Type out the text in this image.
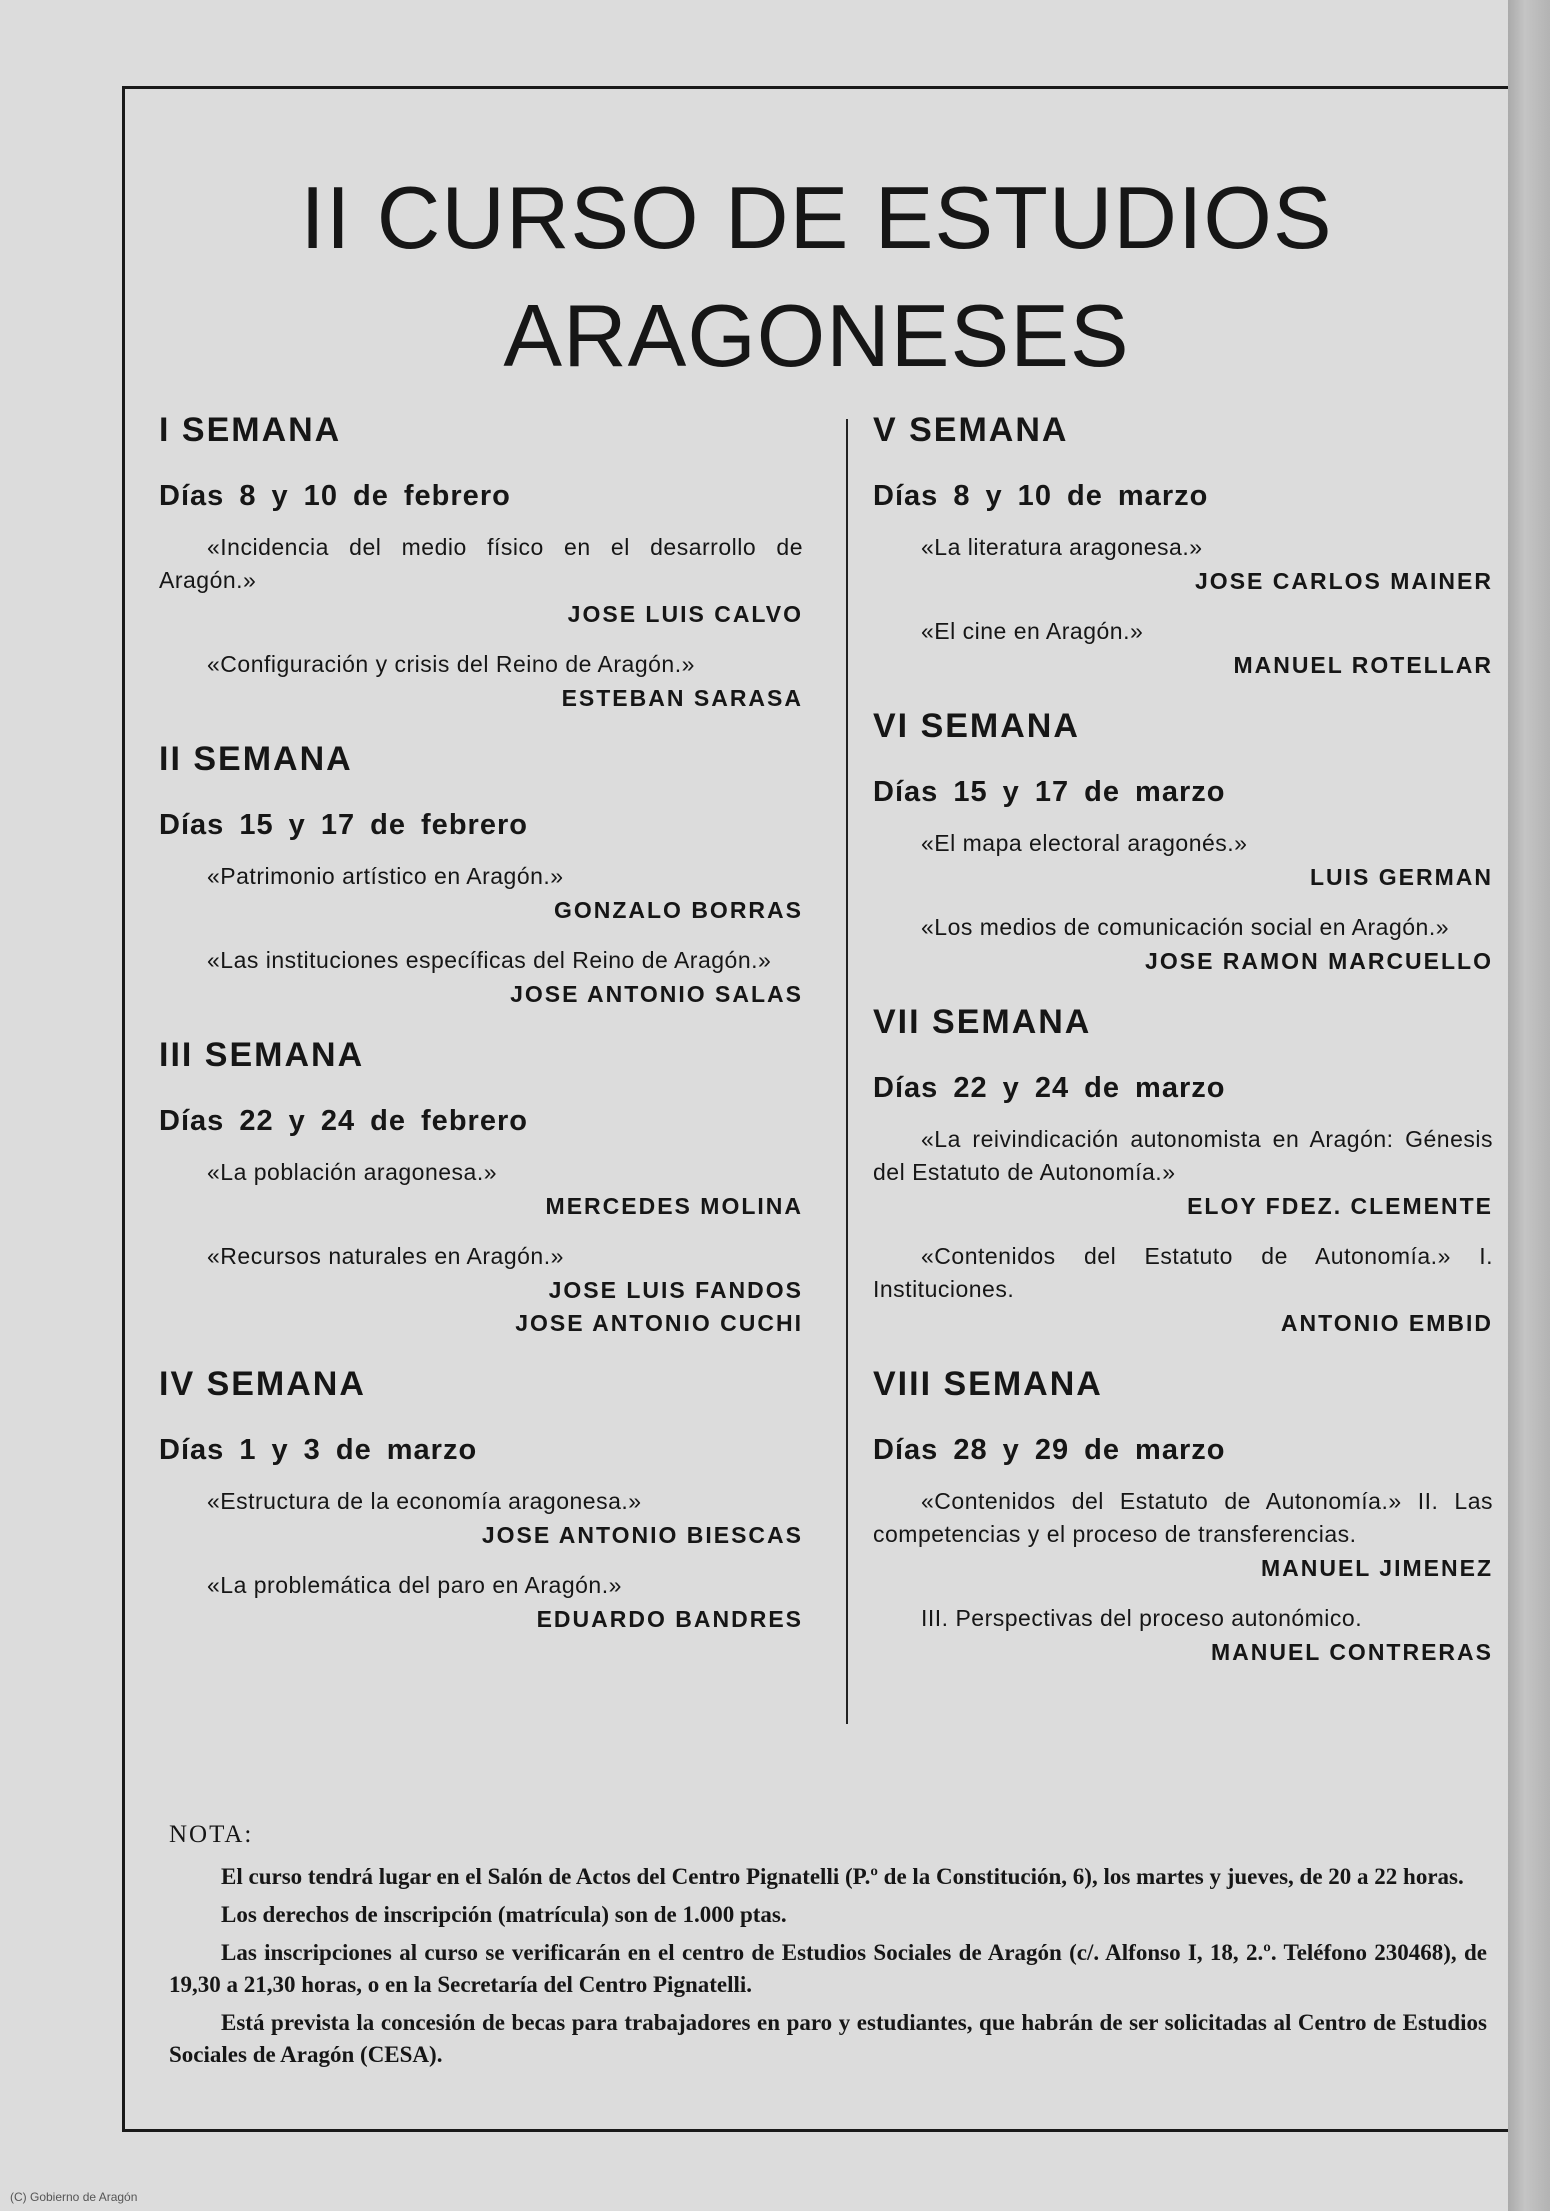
II CURSO DE ESTUDIOS
ARAGONESES
I SEMANA
Días 8 y 10 de febrero

«Incidencia del medio físico en el desarrollo de Aragón.»

JOSE LUIS CALVO

«Configuración y crisis del Reino de Aragón.»

ESTEBAN SARASA

II SEMANA
Días 15 y 17 de febrero

«Patrimonio artístico en Aragón.»

GONZALO BORRAS

«Las instituciones específicas del Reino de Aragón.»

JOSE ANTONIO SALAS

III SEMANA
Días 22 y 24 de febrero

«La población aragonesa.»

MERCEDES MOLINA

«Recursos naturales en Aragón.»

JOSE LUIS FANDOS

JOSE ANTONIO CUCHI

IV SEMANA
Días 1 y 3 de marzo

«Estructura de la economía aragonesa.»

JOSE ANTONIO BIESCAS

«La problemática del paro en Aragón.»

EDUARDO BANDRES

V SEMANA
Días 8 y 10 de marzo

«La literatura aragonesa.»

JOSE CARLOS MAINER

«El cine en Aragón.»

MANUEL ROTELLAR

VI SEMANA
Días 15 y 17 de marzo

«El mapa electoral aragonés.»

LUIS GERMAN

«Los medios de comunicación social en Aragón.»

JOSE RAMON MARCUELLO

VII SEMANA
Días 22 y 24 de marzo

«La reivindicación autonomista en Aragón: Génesis del Estatuto de Autonomía.»

ELOY FDEZ. CLEMENTE

«Contenidos del Estatuto de Autonomía.» I. Instituciones.

ANTONIO EMBID

VIII SEMANA
Días 28 y 29 de marzo

«Contenidos del Estatuto de Autonomía.» II. Las competencias y el proceso de transferencias.

MANUEL JIMENEZ

III. Perspectivas del proceso autonómico.

MANUEL CONTRERAS

NOTA:

El curso tendrá lugar en el Salón de Actos del Centro Pignatelli (P.º de la Constitución, 6), los martes y jueves, de 20 a 22 horas.

Los derechos de inscripción (matrícula) son de 1.000 ptas.

Las inscripciones al curso se verificarán en el centro de Estudios Sociales de Aragón (c/. Alfonso I, 18, 2.º. Teléfono 230468), de 19,30 a 21,30 horas, o en la Secretaría del Centro Pignatelli.

Está prevista la concesión de becas para trabajadores en paro y estudiantes, que habrán de ser solicitadas al Centro de Estudios Sociales de Aragón (CESA).

(C) Gobierno de Aragón
